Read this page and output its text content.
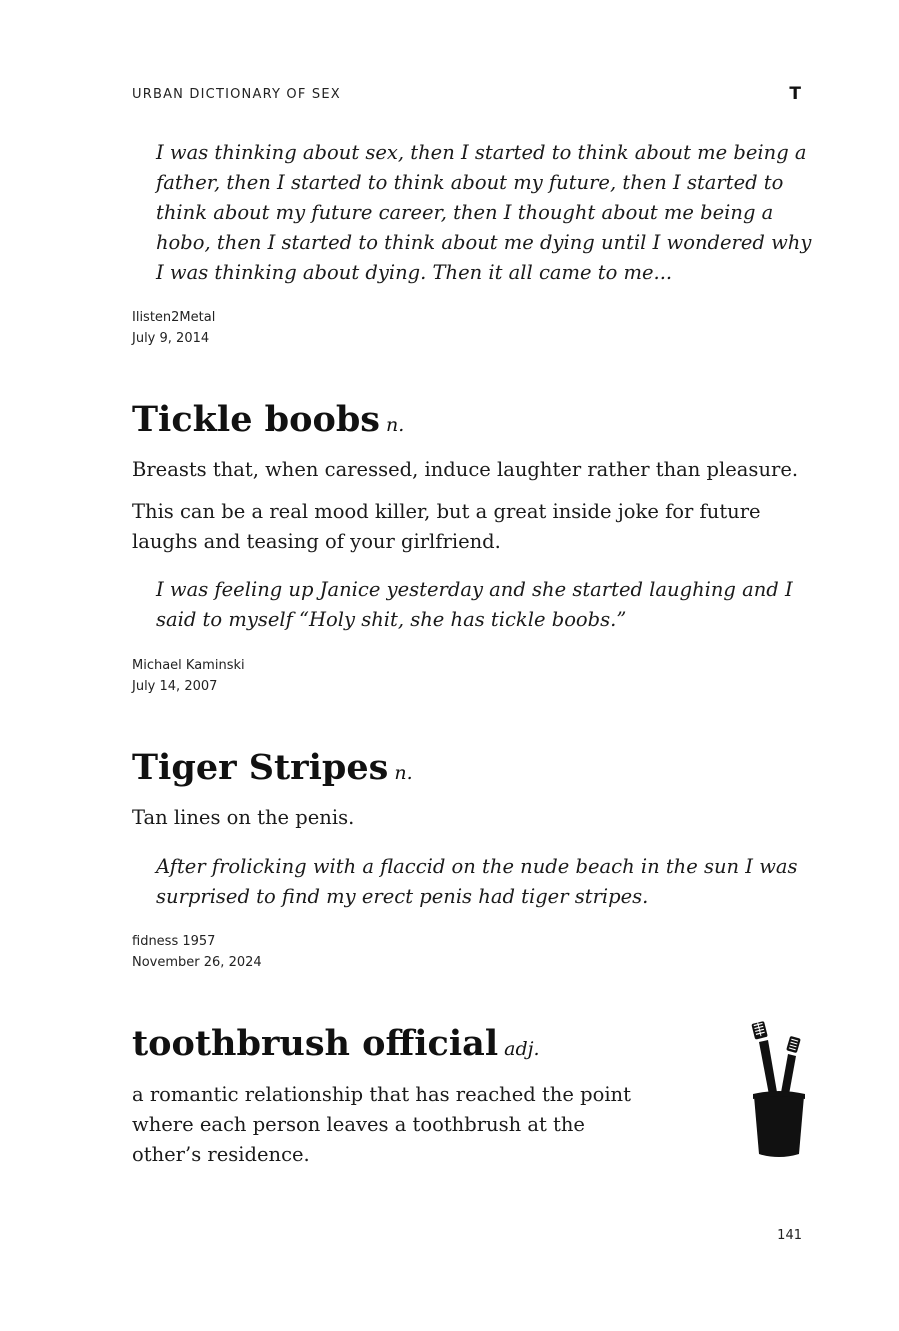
URBAN DICTIONARY OF SEX	T
I was thinking about sex, then I started to think about me being a father, then I started to think about my future, then I started to think about my future career, then I thought about me being a hobo, then I started to think about me dying until I wondered why I was thinking about dying. Then it all came to me...
Ilisten2Metal
July 9, 2014
Tickle boobs n.
Breasts that, when caressed, induce laughter rather than pleasure.
This can be a real mood killer, but a great inside joke for future laughs and teasing of your girlfriend.
I was feeling up Janice yesterday and she started laughing and I said to myself “Holy shit, she has tickle boobs.”
Michael Kaminski
July 14, 2007
Tiger Stripes n.
Tan lines on the penis.
After frolicking with a flaccid on the nude beach in the sun I was surprised to find my erect penis had tiger stripes.
fidness 1957
November 26, 2024
toothbrush official adj.
a romantic relationship that has reached the point where each person leaves a toothbrush at the other’s residence.
141
